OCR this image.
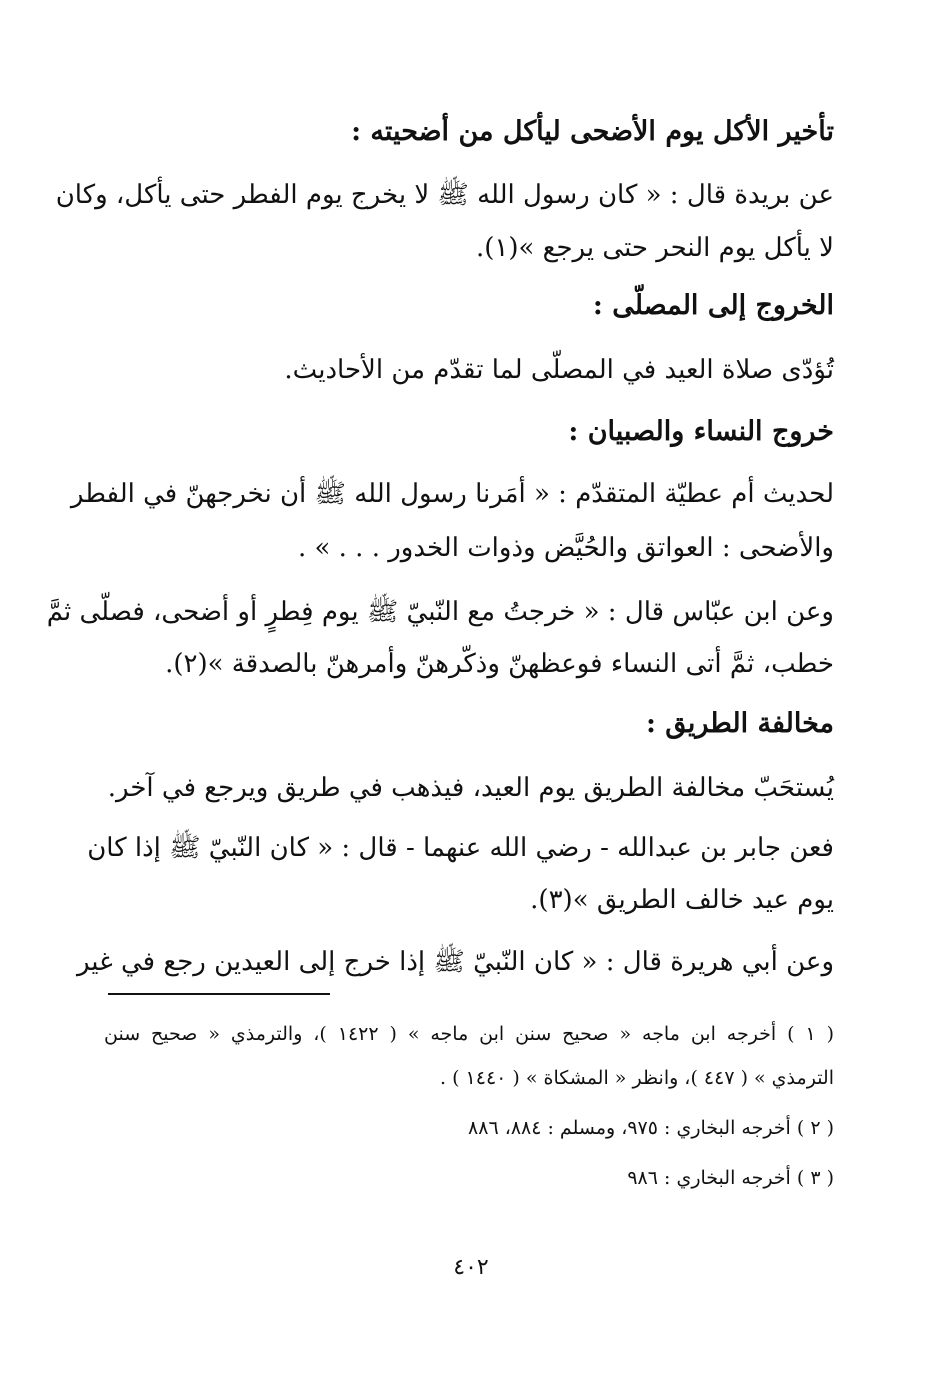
تأخير الأكل يوم الأضحى ليأكل من أضحيته :
عن بريدة قال : « كان رسول الله ﷺ لا يخرج يوم الفطر حتى يأكل، وكان
لا يأكل يوم النحر حتى يرجع »(١).
الخروج إلى المصلّى :
تُؤدّى صلاة العيد في المصلّى لما تقدّم من الأحاديث.
خروج النساء والصبيان :
لحديث أم عطيّة المتقدّم : « أمَرنا رسول الله ﷺ أن نخرجهنّ في الفطر
والأضحى : العواتق والحُيَّض وذوات الخدور . . . » .
وعن ابن عبّاس قال : « خرجتُ مع النّبيّ ﷺ يوم فِطرٍ أو أضحى، فصلّى ثمَّ
خطب، ثمَّ أتى النساء فوعظهنّ وذكّرهنّ وأمرهنّ بالصدقة »(٢).
مخالفة الطريق :
يُستحَبّ مخالفة الطريق يوم العيد، فيذهب في طريق ويرجع في آخر.
فعن جابر بن عبدالله - رضي الله عنهما - قال : « كان النّبيّ ﷺ إذا كان
يوم عيد خالف الطريق »(٣).
وعن أبي هريرة قال : « كان النّبيّ ﷺ إذا خرج إلى العيدين رجع في غير
( ١ ) أخرجه ابن ماجه « صحيح سنن ابن ماجه » ( ١٤٢٢ )، والترمذي « صحيح سنن
الترمذي » ( ٤٤٧ )، وانظر « المشكاة » ( ١٤٤٠ ) .
( ٢ ) أخرجه البخاري : ٩٧٥، ومسلم : ٨٨٤، ٨٨٦
( ٣ ) أخرجه البخاري : ٩٨٦
٤٠٢
